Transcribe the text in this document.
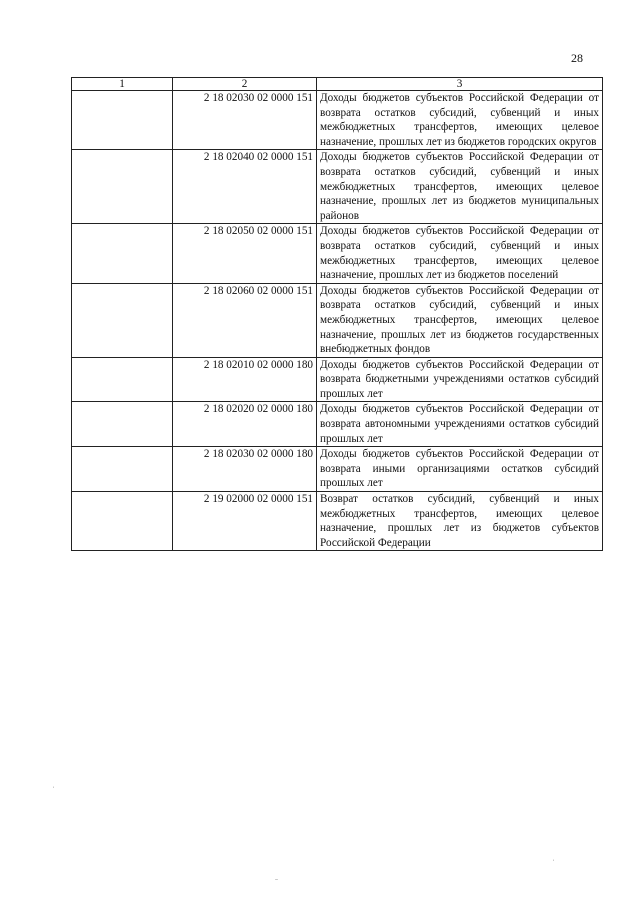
28
1	2	3
	2 18 02030 02 0000 151	Доходы бюджетов субъектов Российской Федерации от возврата остатков субсидий, субвенций и иных межбюджетных трансфертов, имеющих целевое назначение, прошлых лет из бюджетов городских округов
	2 18 02040 02 0000 151	Доходы бюджетов субъектов Российской Федерации от возврата остатков субсидий, субвенций и иных межбюджетных трансфертов, имеющих целевое назначение, прошлых лет из бюджетов муниципальных районов
	2 18 02050 02 0000 151	Доходы бюджетов субъектов Российской Федерации от возврата остатков субсидий, субвенций и иных межбюджетных трансфертов, имеющих целевое назначение, прошлых лет из бюджетов поселений
	2 18 02060 02 0000 151	Доходы бюджетов субъектов Российской Федерации от возврата остатков субсидий, субвенций и иных межбюджетных трансфертов, имеющих целевое назначение, прошлых лет из бюджетов государственных внебюджетных фондов
	2 18 02010 02 0000 180	Доходы бюджетов субъектов Российской Федерации от возврата бюджетными учреждениями остатков субсидий прошлых лет
	2 18 02020 02 0000 180	Доходы бюджетов субъектов Российской Федерации от возврата автономными учреждениями остатков субсидий прошлых лет
	2 18 02030 02 0000 180	Доходы бюджетов субъектов Российской Федерации от возврата иными организациями остатков субсидий прошлых лет
	2 19 02000 02 0000 151	Возврат остатков субсидий, субвенций и иных межбюджетных трансфертов, имеющих целевое назначение, прошлых лет из бюджетов субъектов Российской Федерации
ˌ
ˌ
ˉ
